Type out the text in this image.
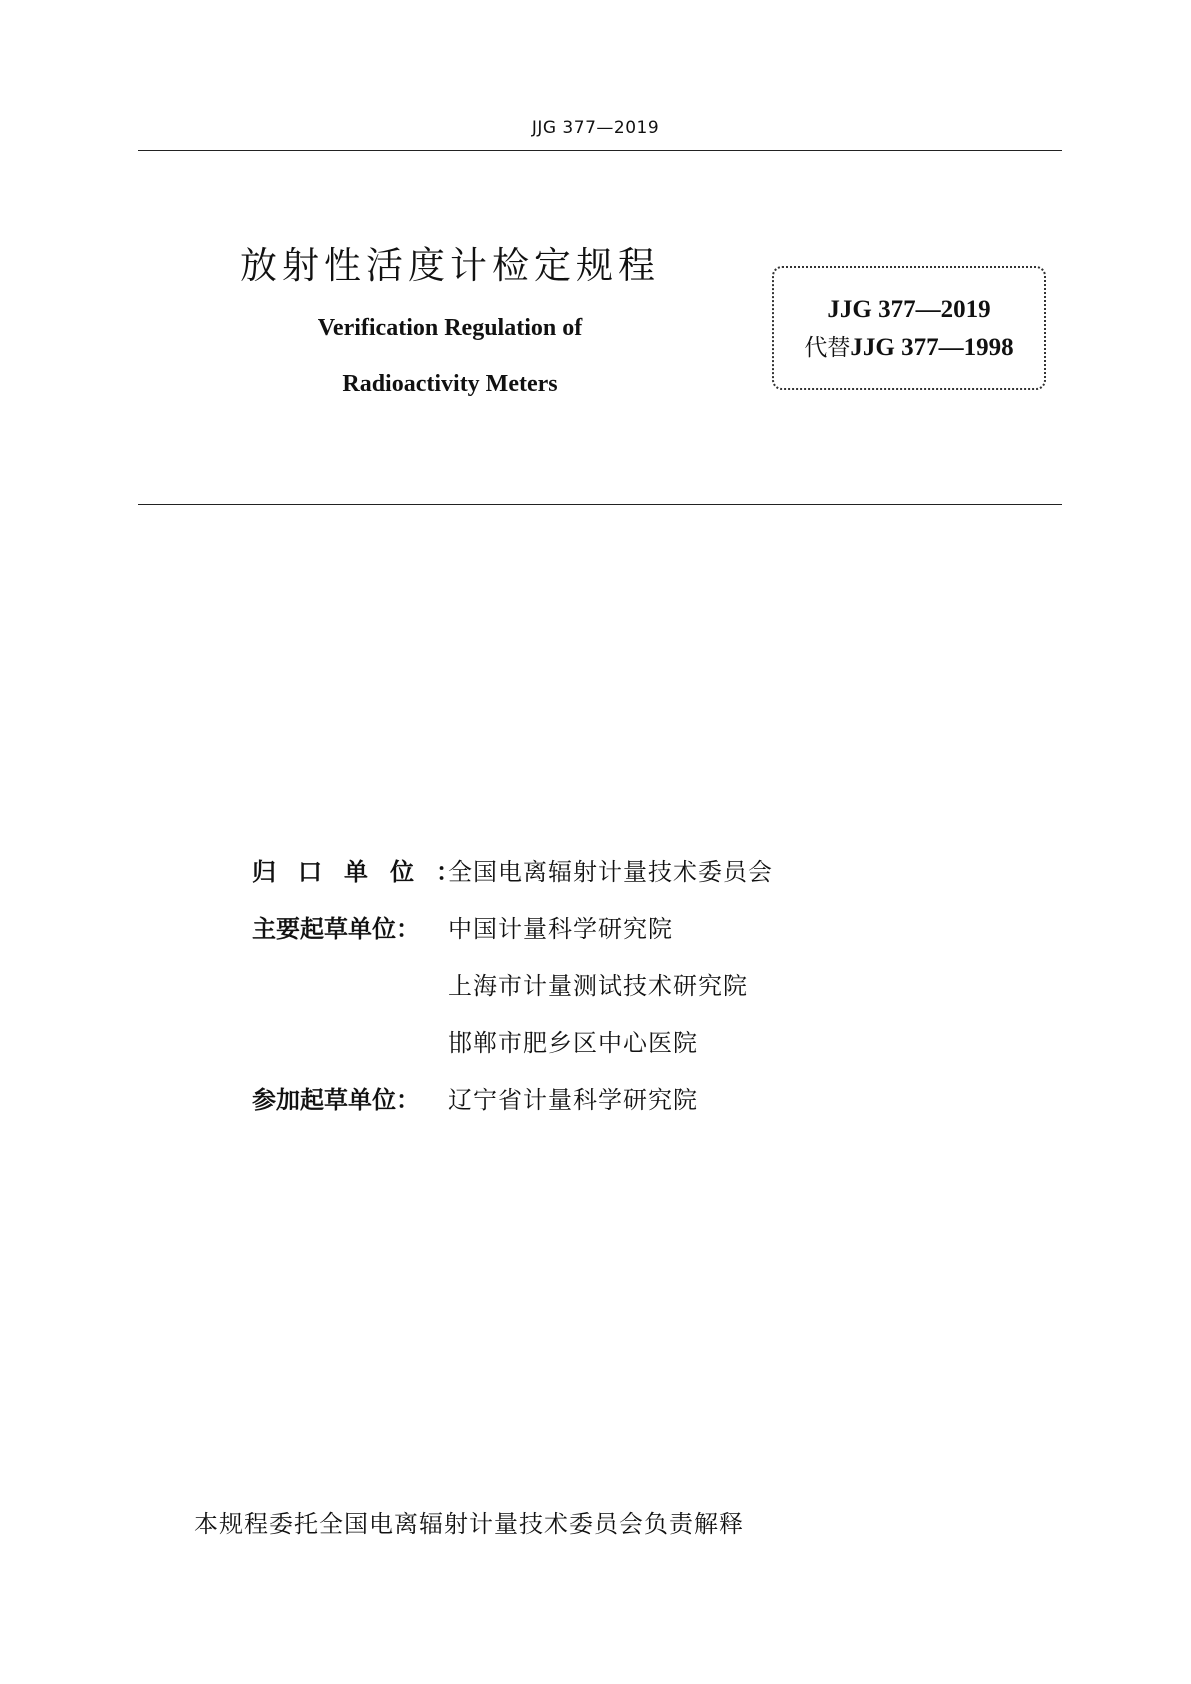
JJG 377—2019
放射性活度计检定规程
Verification Regulation of
Radioactivity Meters
JJG 377—2019
代替JJG 377—1998
归口单位：
全国电离辐射计量技术委员会
主要起草单位：	中国计量科学研究院
上海市计量测试技术研究院
邯郸市肥乡区中心医院
参加起草单位：	辽宁省计量科学研究院
本规程委托全国电离辐射计量技术委员会负责解释
